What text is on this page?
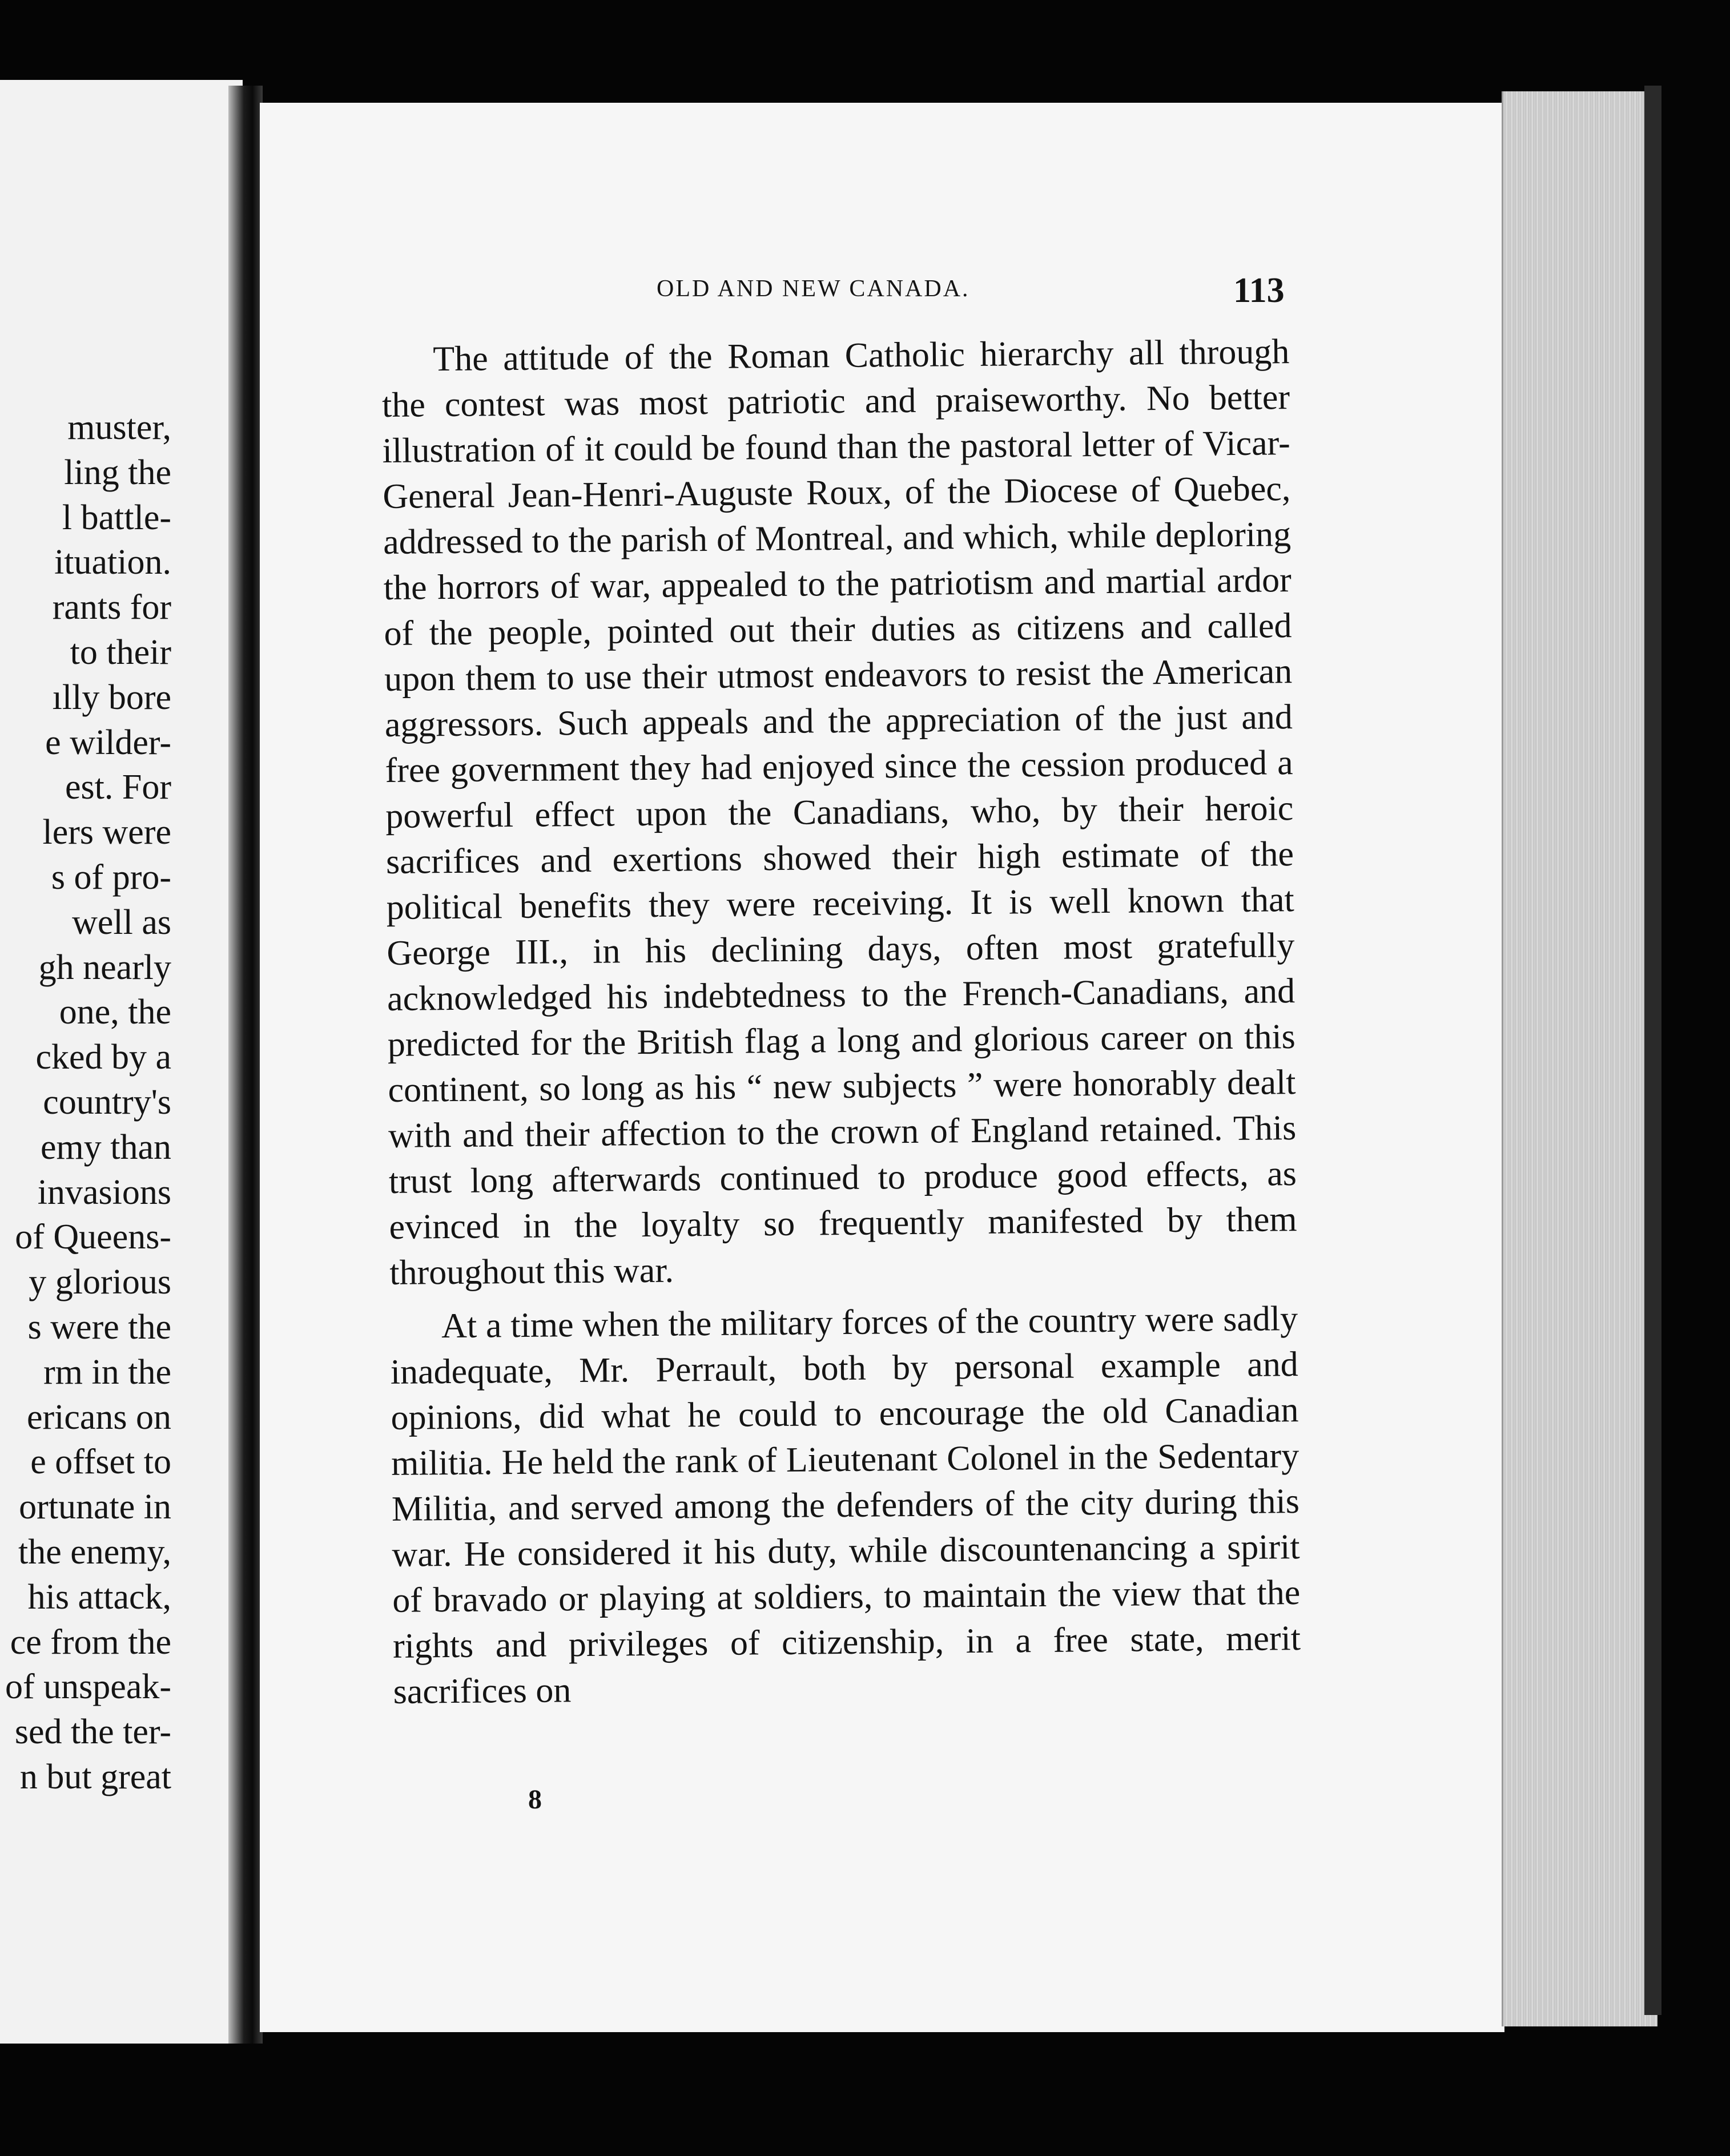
muster,
ling the
l battle-
ituation.
rants for
to their
ılly bore
e wilder-
est. For
lers were
s of pro-
well as
gh nearly
one, the
cked by a
country's
emy than
invasions
of Queens-
y glorious
s were the
rm in the
ericans on
e offset to
ortunate in
the enemy,
his attack,
ce from the
of unspeak-
sed the ter-
n but great
OLD AND NEW CANADA.	113

The attitude of the Roman Catholic hierarchy all through the contest was most patriotic and praiseworthy. No better illustration of it could be found than the pastoral letter of Vicar-General Jean-Henri-Auguste Roux, of the Diocese of Quebec, addressed to the parish of Montreal, and which, while deploring the horrors of war, appealed to the patriotism and martial ardor of the people, pointed out their duties as citizens and called upon them to use their utmost endeavors to resist the American aggressors. Such appeals and the appreciation of the just and free government they had enjoyed since the cession produced a powerful effect upon the Canadians, who, by their heroic sacrifices and exertions showed their high estimate of the political benefits they were receiving. It is well known that George III., in his declining days, often most gratefully acknowledged his indebtedness to the French-Canadians, and predicted for the British flag a long and glorious career on this continent, so long as his “ new subjects ” were honorably dealt with and their affection to the crown of England retained. This trust long afterwards continued to produce good effects, as evinced in the loyalty so frequently manifested by them throughout this war.

At a time when the military forces of the country were sadly inadequate, Mr. Perrault, both by personal example and opinions, did what he could to encourage the old Canadian militia. He held the rank of Lieutenant Colonel in the Sedentary Militia, and served among the defenders of the city during this war. He considered it his duty, while discountenancing a spirit of bravado or playing at soldiers, to maintain the view that the rights and privileges of citizenship, in a free state, merit sacrifices on

8
